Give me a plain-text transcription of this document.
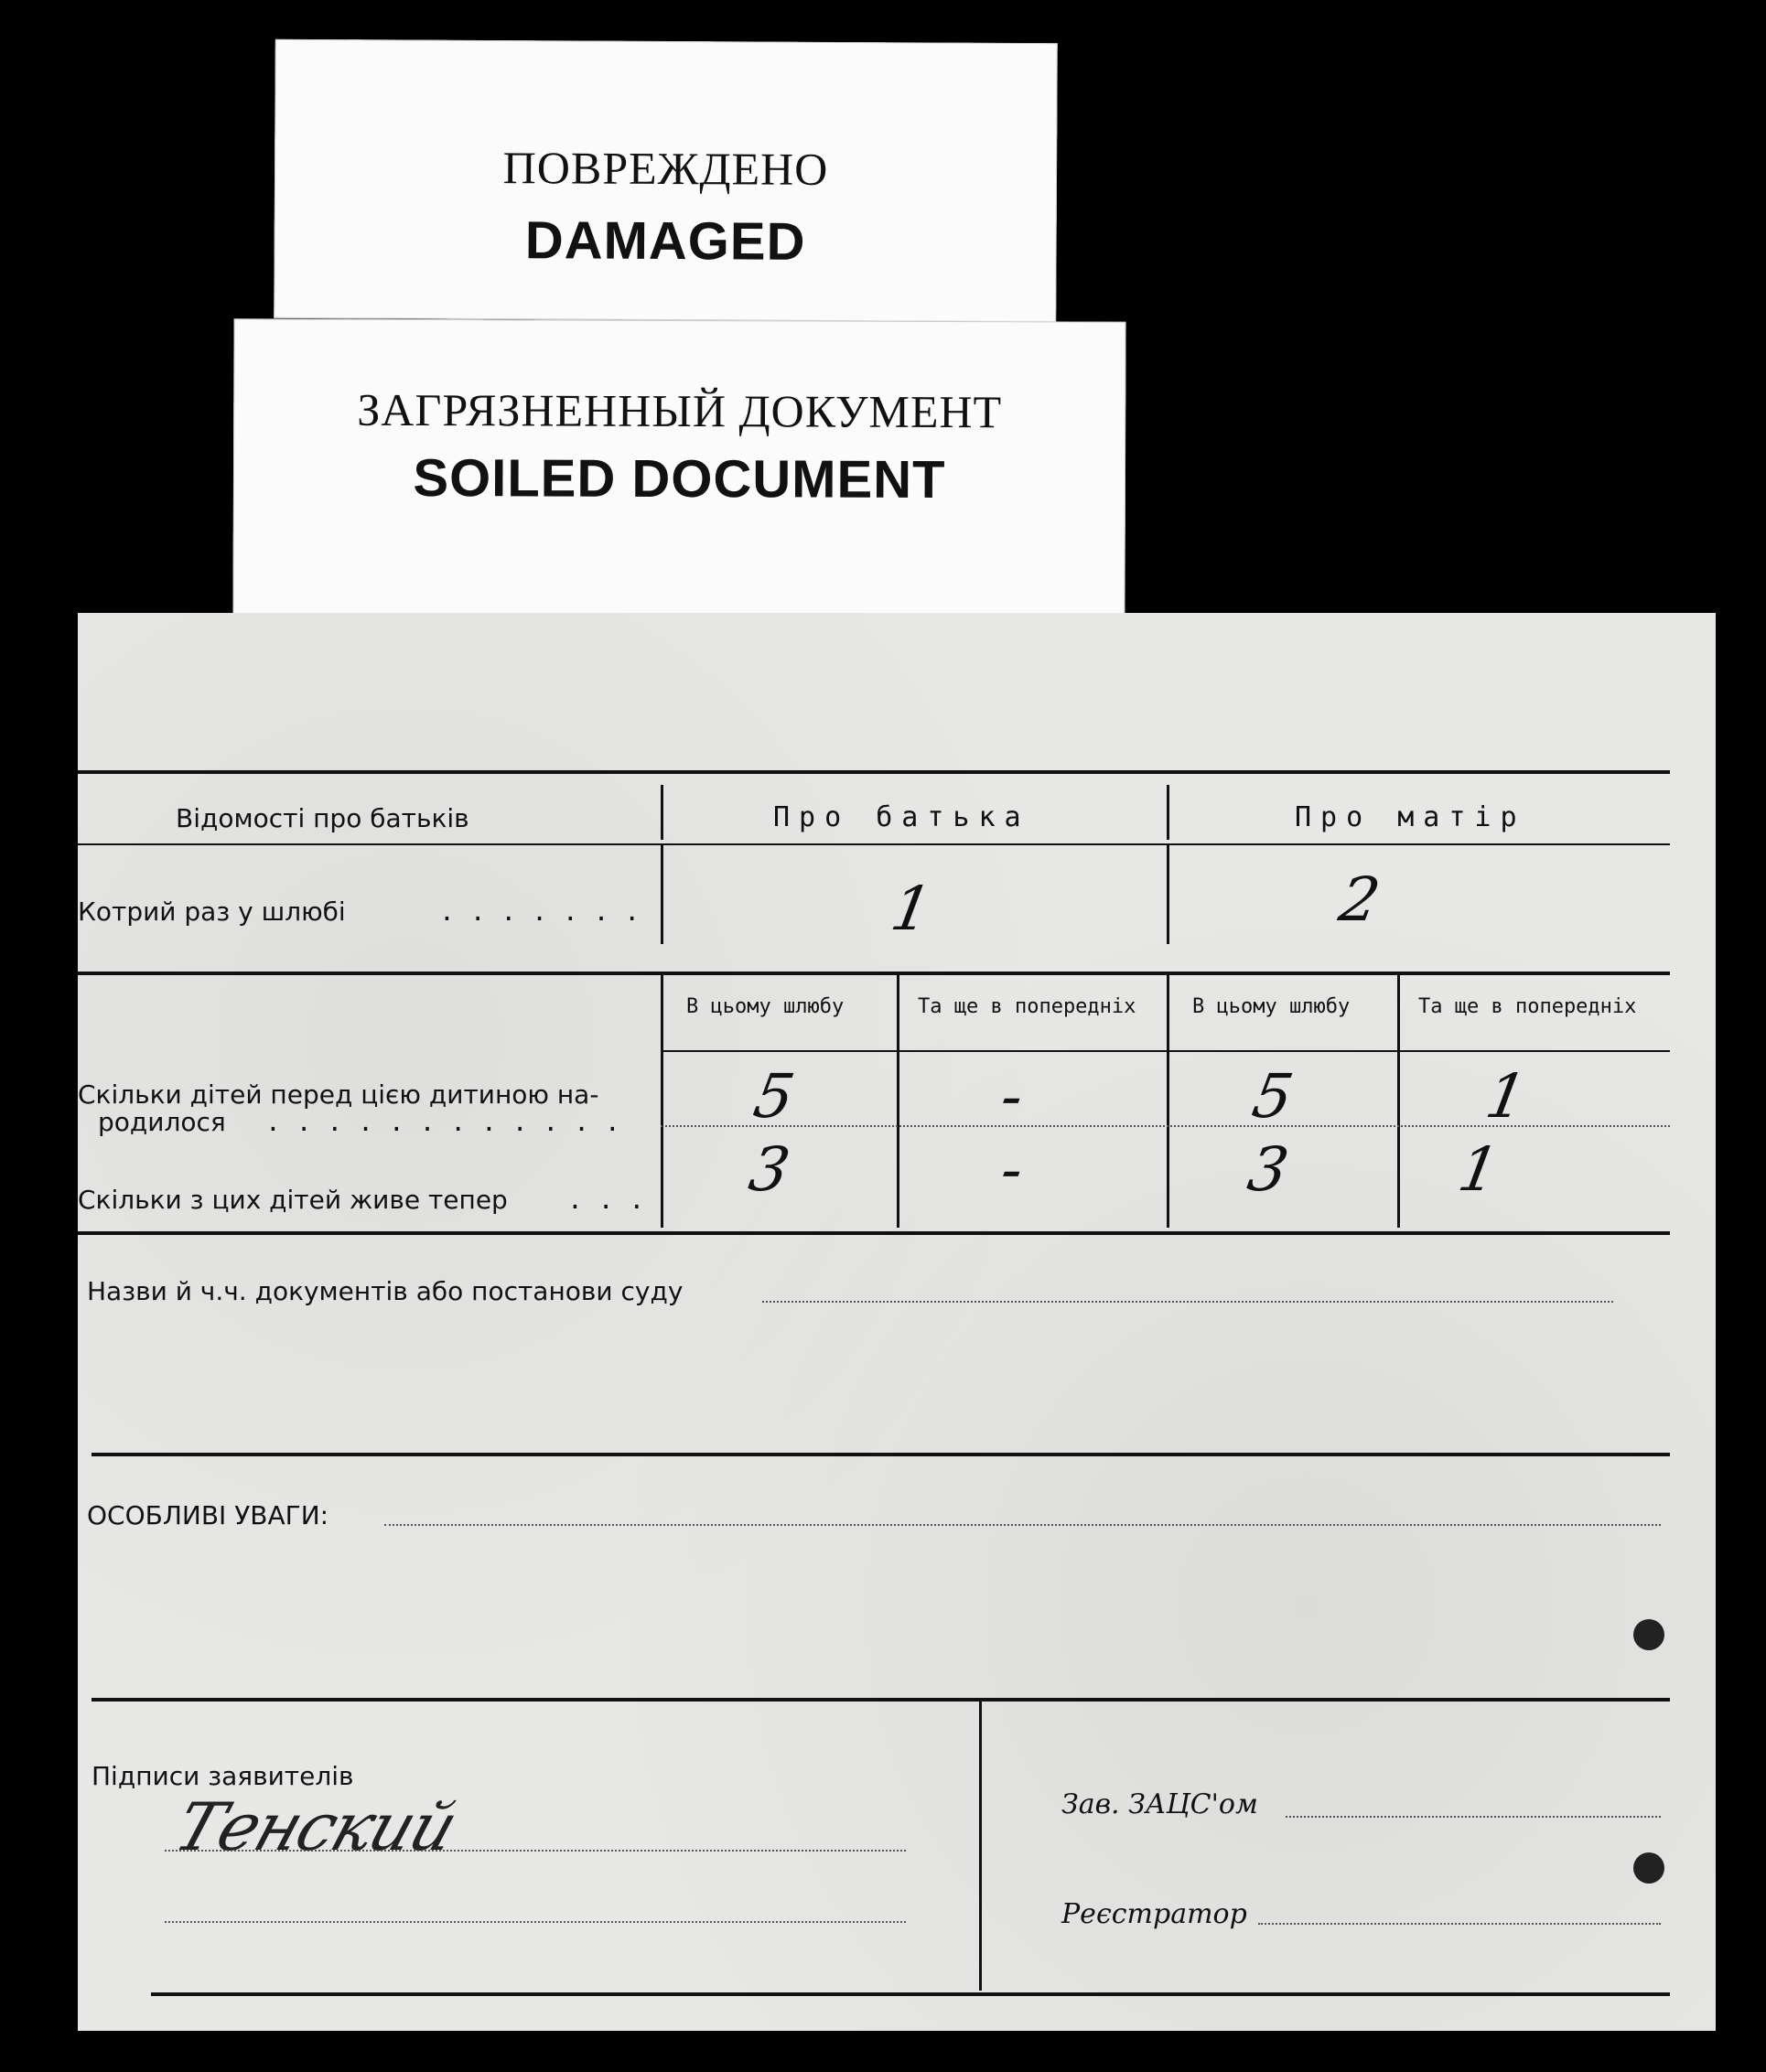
ПОВРЕЖДЕНО
DAMAGED
ЗАГРЯЗНЕННЫЙ ДОКУМЕНТ
SOILED DOCUMENT
Відомості про батьків	Про батька	Про матір
Котрий раз у шлюбі	. . . . . . .	1	2
В цьому шлюбу	Та ще в попередніх	В цьому шлюбу	Та ще в попередніх
Скільки дітей перед цією дитиною на-
родилося . . . . . . . . . . . . 5	-	5	1
Скільки з цих дітей живе тепер . . . 3	-	3	1
Назви й ч.ч. документів або постанови суду
ОСОБЛИВІ УВАГИ:
Підписи заявителів
Тенский	Зав. ЗАЦС'ом
Реєстратор
